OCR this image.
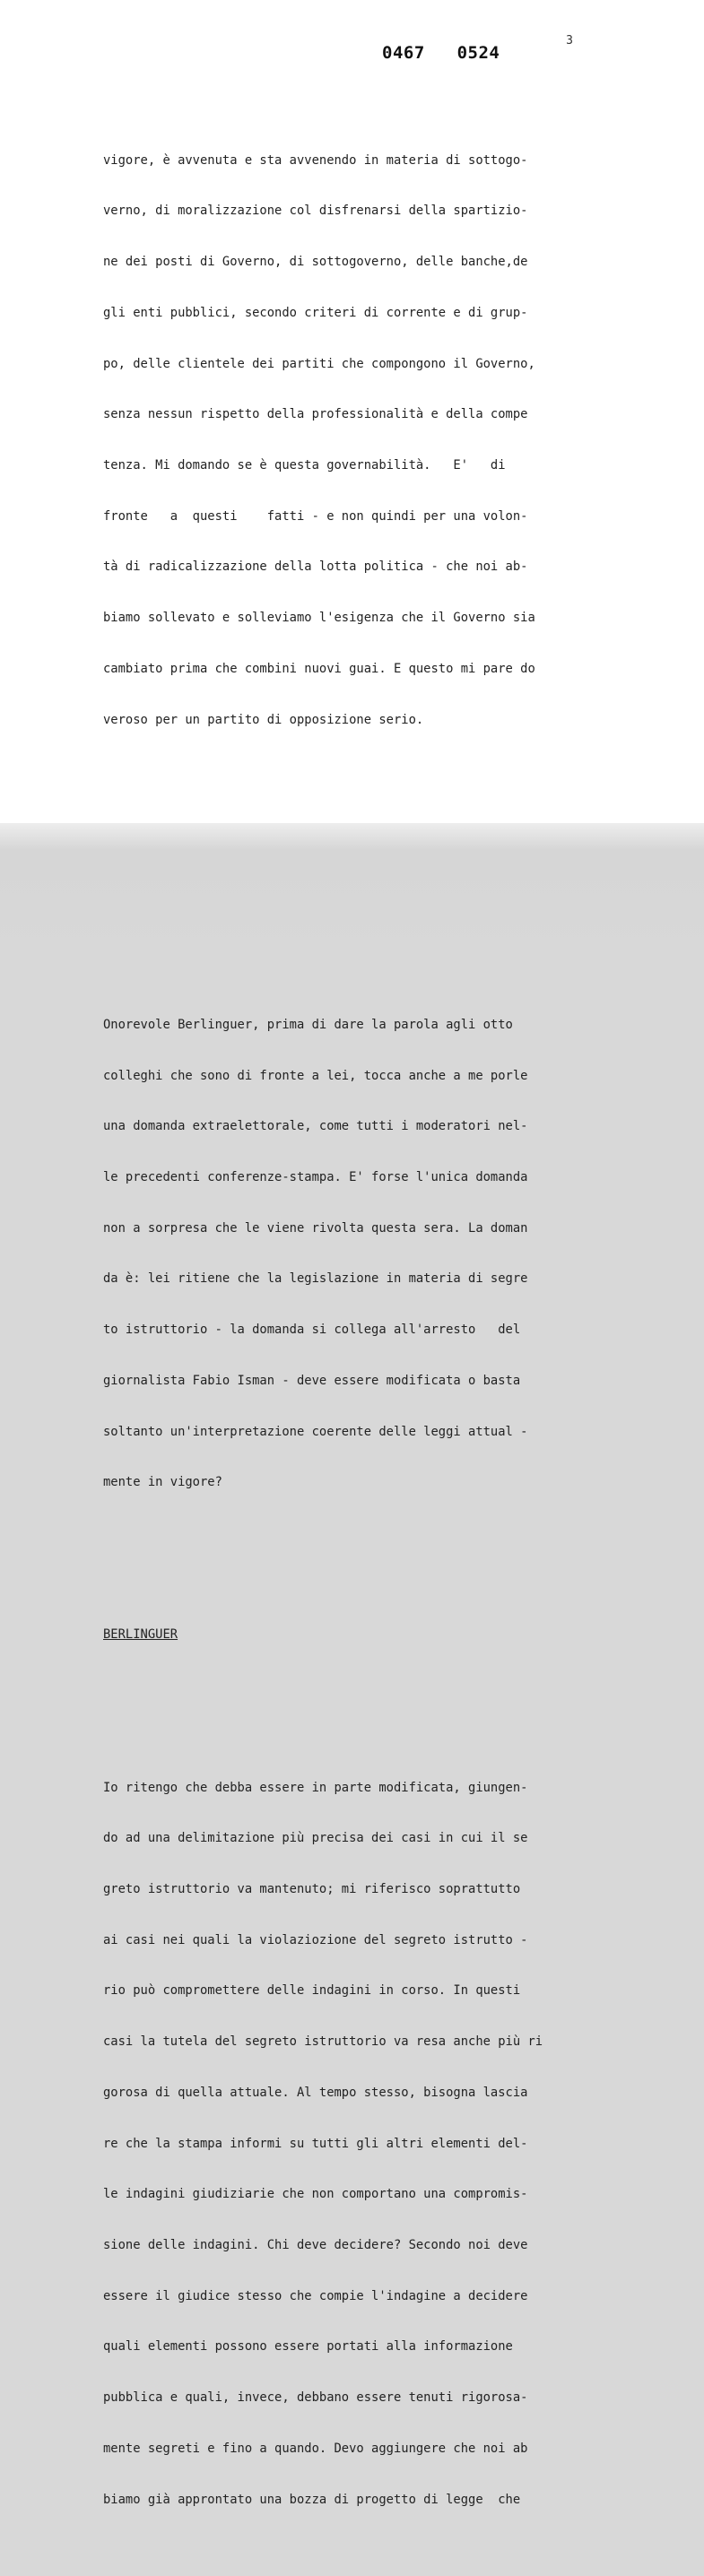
3
0467   0524

vigore, è avvenuta e sta avvenendo in materia di sottogo-

verno, di moralizzazione col disfrenarsi della spartizio-

ne dei posti di Governo, di sottogoverno, delle banche,de

gli enti pubblici, secondo criteri di corrente e di grup-

po, delle clientele dei partiti che compongono il Governo,

senza nessun rispetto della professionalità e della compe

tenza. Mi domando se è questa governabilità.   E'   di

fronte   a  questi    fatti - e non quindi per una volon-

tà di radicalizzazione della lotta politica - che noi ab-

biamo sollevato e solleviamo l'esigenza che il Governo sia

cambiato prima che combini nuovi guai. E questo mi pare do

veroso per un partito di opposizione serio.

Onorevole Berlinguer, prima di dare la parola agli otto

colleghi che sono di fronte a lei, tocca anche a me porle

una domanda extraelettorale, come tutti i moderatori nel-

le precedenti conferenze-stampa. E' forse l'unica domanda

non a sorpresa che le viene rivolta questa sera. La doman

da è: lei ritiene che la legislazione in materia di segre

to istruttorio - la domanda si collega all'arresto   del

giornalista Fabio Isman - deve essere modificata o basta

soltanto un'interpretazione coerente delle leggi attual -

mente in vigore?

BERLINGUER

Io ritengo che debba essere in parte modificata, giungen-

do ad una delimitazione più precisa dei casi in cui il se

greto istruttorio va mantenuto; mi riferisco soprattutto

ai casi nei quali la violaziozione del segreto istrutto -

rio può compromettere delle indagini in corso. In questi

casi la tutela del segreto istruttorio va resa anche più ri

gorosa di quella attuale. Al tempo stesso, bisogna lascia

re che la stampa informi su tutti gli altri elementi del-

le indagini giudiziarie che non comportano una compromis-

sione delle indagini. Chi deve decidere? Secondo noi deve

essere il giudice stesso che compie l'indagine a decidere

quali elementi possono essere portati alla informazione

pubblica e quali, invece, debbano essere tenuti rigorosa-

mente segreti e fino a quando. Devo aggiungere che noi ab

biamo già approntato una bozza di progetto di legge  che
